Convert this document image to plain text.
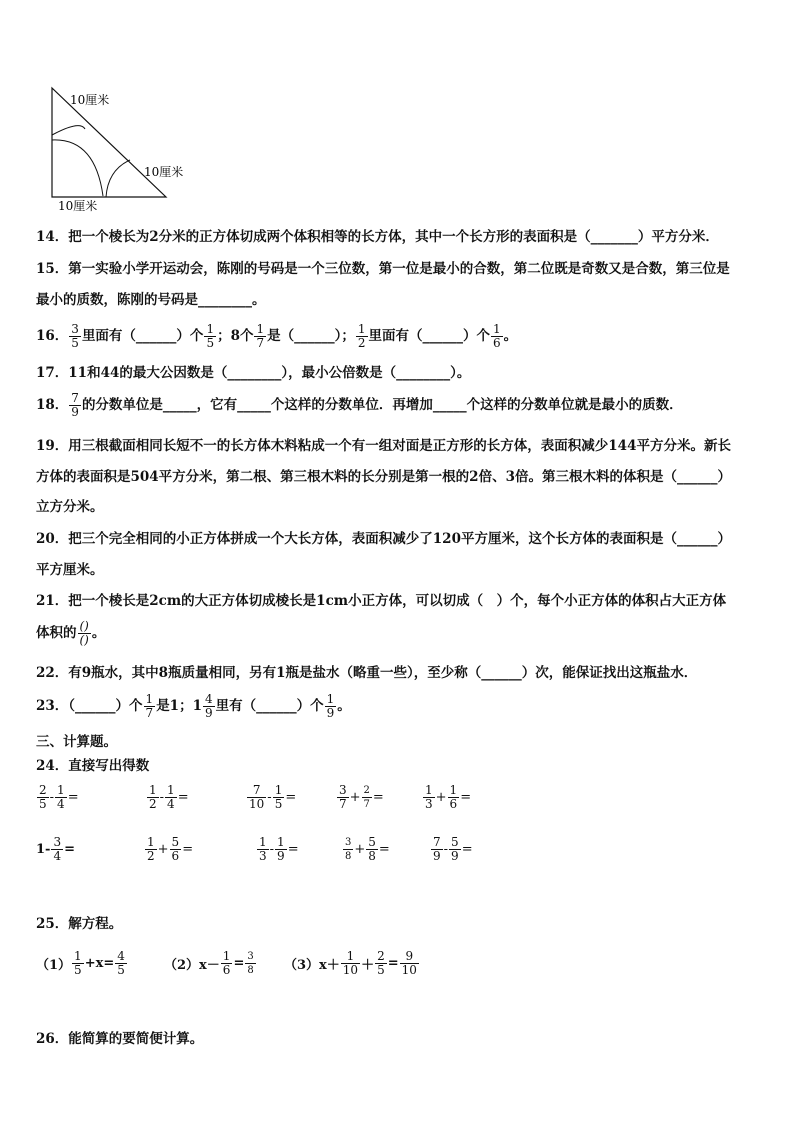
10厘米
10厘米
10厘米
14．把一个棱长为2分米的正方体切成两个体积相等的长方体，其中一个长方形的表面积是（_______）平方分米．
15．第一实验小学开运动会，陈刚的号码是一个三位数，第一位是最小的合数，第二位既是奇数又是合数，第三位是
最小的质数，陈刚的号码是________。
16． $\frac{3}{5}$ 里面有（______）个 $\frac{1}{5}$ ；8个 $\frac{1}{7}$ 是（______）； $\frac{1}{2}$ 里面有（______）个 $\frac{1}{6}$ 。
17．11和44的最大公因数是（________），最小公倍数是（________）。
18． $\frac{7}{9}$ 的分数单位是_____，它有_____个这样的分数单位．再增加_____个这样的分数单位就是最小的质数．
19．用三根截面相同长短不一的长方体木料粘成一个有一组对面是正方形的长方体，表面积减少144平方分米。新长
方体的表面积是504平方分米，第二根、第三根木料的长分别是第一根的2倍、3倍。第三根木料的体积是（______）
立方分米。
20．把三个完全相同的小正方体拼成一个大长方体，表面积减少了120平方厘米，这个长方体的表面积是（______）
平方厘米。
21．把一个棱长是2cm的大正方体切成棱长是1cm小正方体，可以切成（　）个，每个小正方体的体积占大正方体
体积的 $\frac{()}{()}$ 。
22．有9瓶水，其中8瓶质量相同，另有1瓶是盐水（略重一些），至少称（______）次，能保证找出这瓶盐水．
23．（______）个 $\frac{1}{7}$ 是1；$1 \frac{4}{9}$ 里有（______）个 $\frac{1}{9}$ 。
三、计算题。
24．直接写出得数
25．解方程。
$(1) \frac{1}{5} +x= \frac{4}{5}$	$(2)x- \frac{1}{6} = \frac{3}{8} (3)x+ \frac{1}{10} + \frac{2}{5} = \frac{9}{10}$
26．能简算的要简便计算。
$\frac{2}{5} - \frac{1}{4}$ =	$\frac{1}{2} - \frac{1}{4}$ =	$\frac{7}{10} - \frac{1}{5}$ =	$\frac{3}{7} + \frac{2}{7}$ =	$\frac{1}{3} + \frac{1}{6}$ =
$1- \frac{3}{4}$ =	$\frac{1}{2} + \frac{5}{6}$ =	$\frac{1}{3} - \frac{1}{9}$ =	$\frac{3}{8} + \frac{5}{8}$ =	$\frac{7}{9} - \frac{5}{9}$ =
